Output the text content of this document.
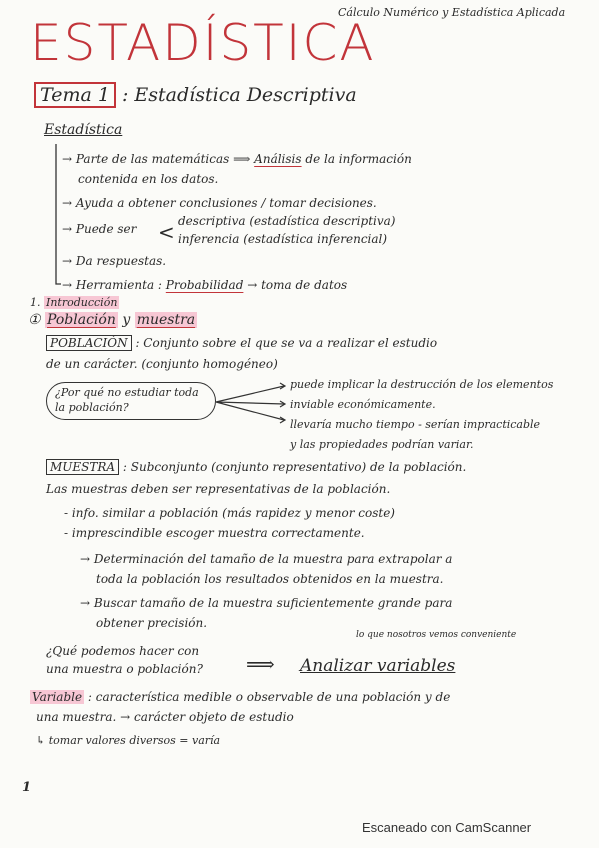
Cálculo Numérico y Estadística Aplicada
ESTADÍSTICA
Tema 1 : Estadística Descriptiva
Estadística
→ Parte de las matemáticas ⟹ Análisis de la información
contenida en los datos.
→ Ayuda a obtener conclusiones / tomar decisiones.
→ Puede ser < descriptiva (estadística descriptiva)
inferencia (estadística inferencial)
→ Da respuestas.
→ Herramienta : Probabilidad → toma de datos
1. Introducción
① Población y muestra
POBLACIÓN : Conjunto sobre el que se va a realizar el estudio
de un carácter. (conjunto homogéneo)
¿Por qué no estudiar toda la población?
puede implicar la destrucción de los elementos
inviable económicamente.
llevaría mucho tiempo - serían impracticable
y las propiedades podrían variar.
MUESTRA : Subconjunto (conjunto representativo) de la población.
Las muestras deben ser representativas de la población.
- info. similar a población (más rapidez y menor coste)
- imprescindible escoger muestra correctamente.
→ Determinación del tamaño de la muestra para extrapolar a
toda la población los resultados obtenidos en la muestra.
→ Buscar tamaño de la muestra suficientemente grande para
obtener precisión.
lo que nosotros vemos conveniente
¿Qué podemos hacer con
una muestra o población? ⟹ Analizar variables
Variable : característica medible o observable de una población y de
una muestra. → carácter objeto de estudio
↳ tomar valores diversos = varía
1
Escaneado con CamScanner
